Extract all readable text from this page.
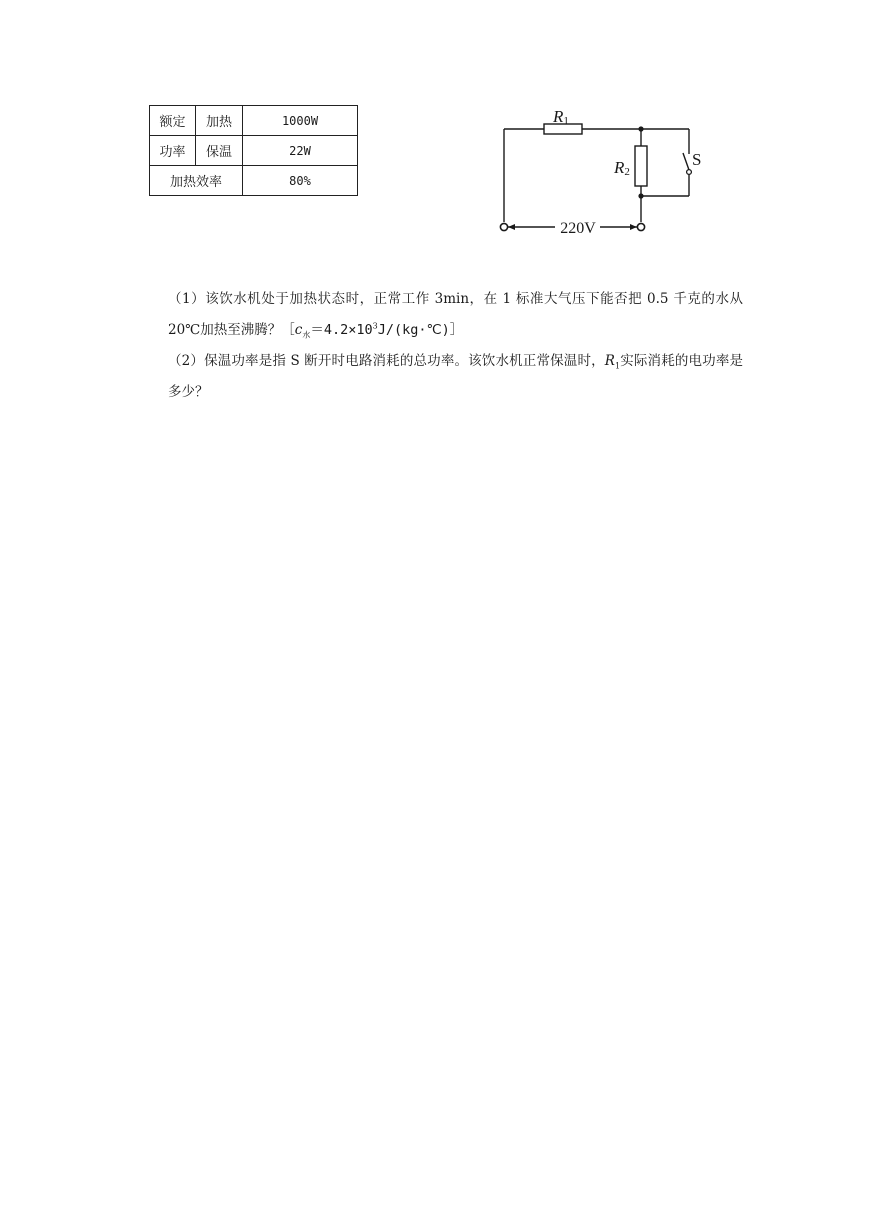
额定	加热	1000W
功率	保温	22W
加热效率		80%
R1
R2
S
220V

（1）该饮水机处于加热状态时，正常工作 3min，在 1 标准大气压下能否把 0.5 千克的水从 20℃加热至沸腾？$[c_水=4.2\times 10^3J/(kg\cdot℃)]$

（2）保温功率是指 S 断开时电路消耗的总功率。该饮水机正常保温时，$R_1$实际消耗的电功率是多少？
